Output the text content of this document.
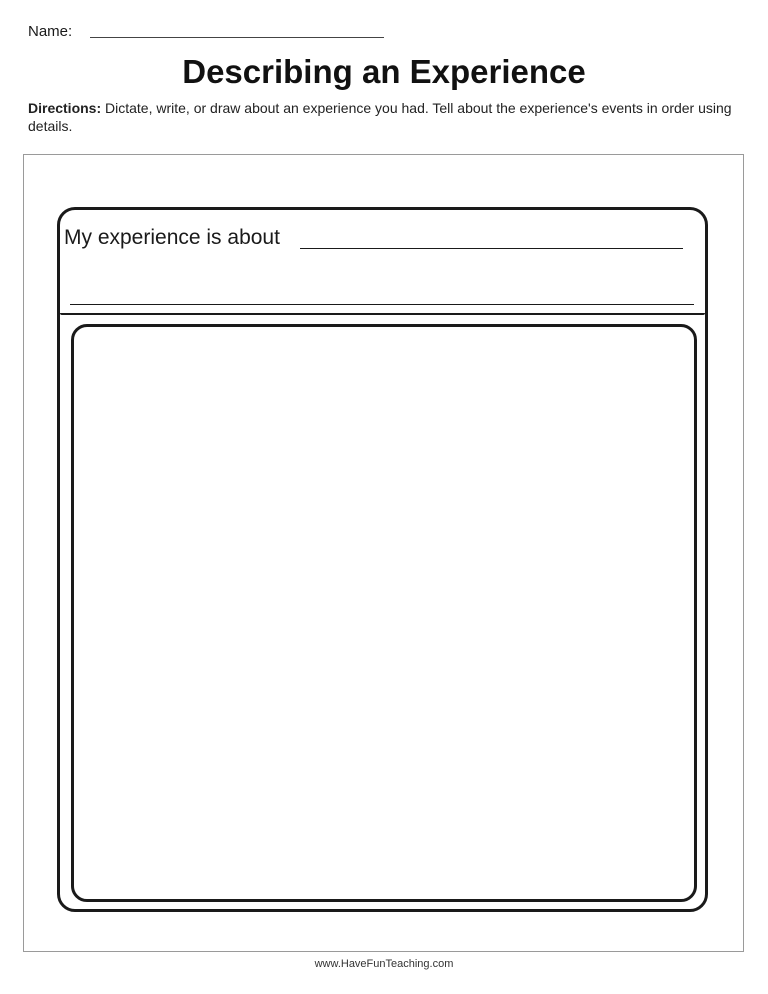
Name:
Describing an Experience
Directions: Dictate, write, or draw about an experience you had. Tell about the experience's events in order using details.
My experience is about
www.HaveFunTeaching.com
